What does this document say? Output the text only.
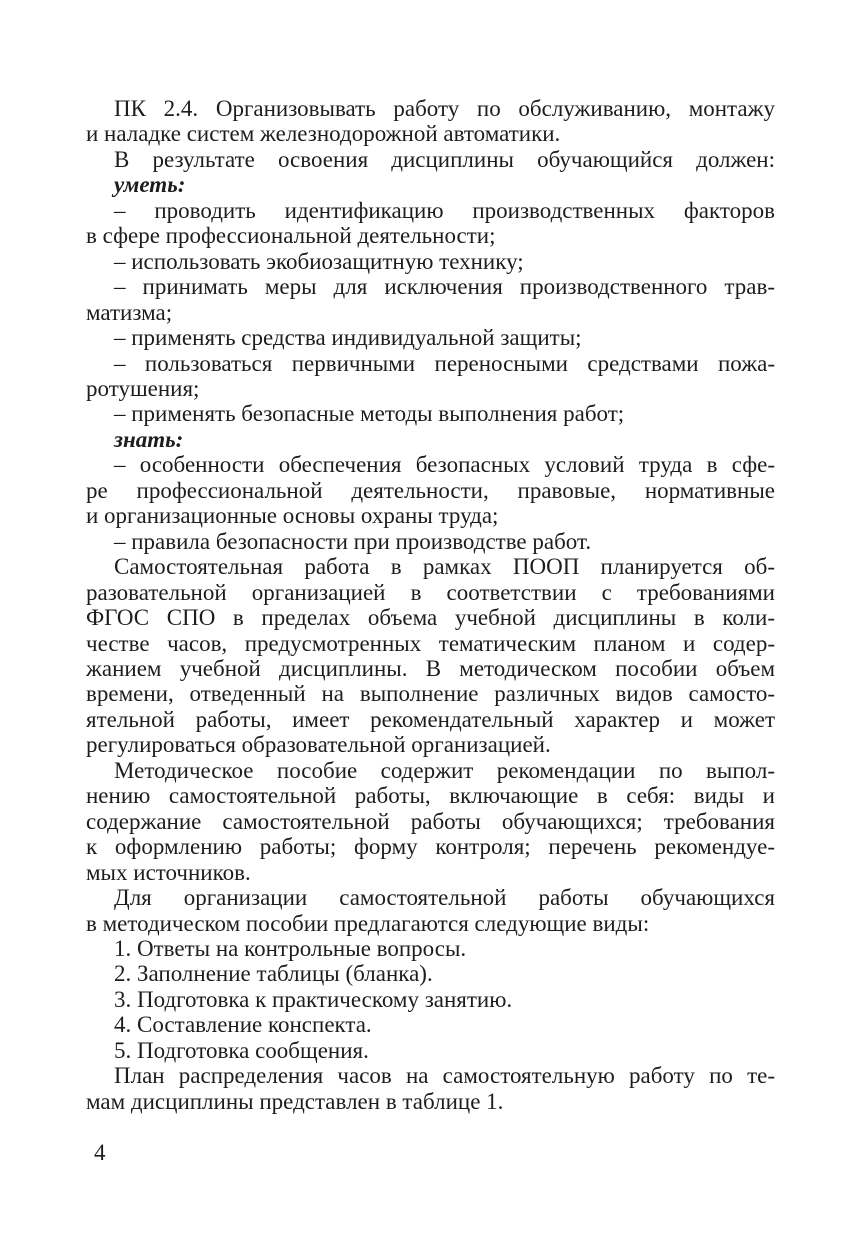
ПК 2.4. Организовывать работу по обслуживанию, монтажу
и наладке систем железнодорожной автоматики.
В результате освоения дисциплины обучающийся должен:
уметь:
– проводить идентификацию производственных факторов
в сфере профессиональной деятельности;
– использовать экобиозащитную технику;
– принимать меры для исключения производственного трав-
матизма;
– применять средства индивидуальной защиты;
– пользоваться первичными переносными средствами пожа-
ротушения;
– применять безопасные методы выполнения работ;
знать:
– особенности обеспечения безопасных условий труда в сфе-
ре профессиональной деятельности, правовые, нормативные
и организационные основы охраны труда;
– правила безопасности при производстве работ.
Самостоятельная работа в рамках ПООП планируется об-
разовательной организацией в соответствии с требованиями
ФГОС СПО в пределах объема учебной дисциплины в коли-
честве часов, предусмотренных тематическим планом и содер-
жанием учебной дисциплины. В методическом пособии объем
времени, отведенный на выполнение различных видов самосто-
ятельной работы, имеет рекомендательный характер и может
регулироваться образовательной организацией.
Методическое пособие содержит рекомендации по выпол-
нению самостоятельной работы, включающие в себя: виды и
содержание самостоятельной работы обучающихся; требования
к оформлению работы; форму контроля; перечень рекомендуе-
мых источников.
Для организации самостоятельной работы обучающихся
в методическом пособии предлагаются следующие виды:
1. Ответы на контрольные вопросы.
2. Заполнение таблицы (бланка).
3. Подготовка к практическому занятию.
4. Составление конспекта.
5. Подготовка сообщения.
План распределения часов на самостоятельную работу по те-
мам дисциплины представлен в таблице 1.
4
